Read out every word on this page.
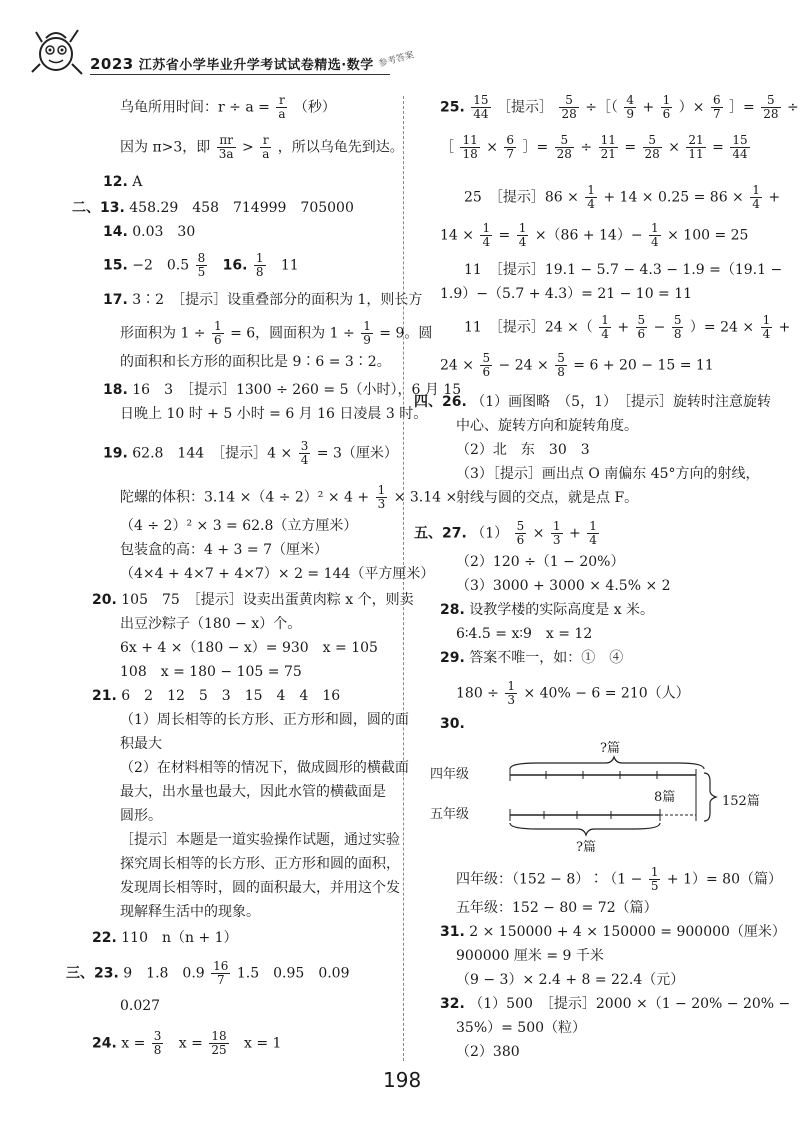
2023 江苏省小学毕业升学考试试卷精选·数学 参考答案
乌龟所用时间：$r \div a = \frac{r}{a}$ （秒）
因为 π>3，即 $\frac{\pi r}{3a} > \frac{r}{a}$ ，所以乌龟先到达。
12. A
二、13. 458.29　458　714999　705000
14. 0.03　30
15. −2　$0.5 \frac{8}{5} 16$. $\frac{1}{8} 11$
17. 3∶2　［提示］设重叠部分的面积为 1，则长方
形面积为 $1 \div \frac{1}{6} = 6$，圆面积为 $1 \div \frac{1}{9} = 9$。圆
的面积和长方形的面积比是 9∶6 = 3∶2。
18. 16　3　［提示］1300 ÷ 260 = 5（小时），6 月 15
日晚上 10 时 + 5 小时 = 6 月 16 日凌晨 3 时。
19. 62.8　144　［提示］4 × $\frac{3}{4} = 3$（厘米）
陀螺的体积：$3.14 \times(4 \div 2)^2 \times 4 + \frac{1}{3} \times 3.14$ ×
（4 ÷ 2）² × 3 = 62.8（立方厘米）
包装盒的高：4 + 3 = 7（厘米）
（4×4 + 4×7 + 4×7）× 2 = 144（平方厘米）
20. 105　75　［提示］设卖出蛋黄肉粽 x 个，则卖
出豆沙粽子（180 − x）个。
6x + 4 ×（180 − x）= 930　x = 105
108　x = 180 − 105 = 75
21. 6　2　12　5　3　15　4　4　16
（1）周长相等的长方形、正方形和圆，圆的面
积最大
（2）在材料相等的情况下，做成圆形的横截面
最大，出水量也最大，因此水管的横截面是
圆形。
［提示］本题是一道实验操作试题，通过实验
探究周长相等的长方形、正方形和圆的面积，
发现周长相等时，圆的面积最大，并用这个发
现解释生活中的现象。
22. 110　n（n + 1）
三、23. 9　1.8　$0.9 \frac{16}{7} 1.5$　0.95　0.09
0.027
24. $x = \frac{3}{8}$ $x = \frac{18}{25}$ x = 1
25. $\frac{15}{44}$ ［提示］ $\frac{5}{28}$ ÷［（ $\frac{4}{9} + \frac{1}{6}$ ）× $\frac{6}{7}$ ］= $\frac{5}{28}$ ÷
［ $\frac{11}{18} \times \frac{6}{7}$ ］= $\frac{5}{28} \div \frac{11}{21} = \frac{5}{28} \times \frac{21}{11} = \frac{15}{44}$
25　［提示］86 × $\frac{1}{4} + 14 \times 0.25 = 86 \times \frac{1}{4}$ +
$14 \times \frac{1}{4} = \frac{1}{4} \times(86 + 14)- \frac{1}{4} \times 100 = 25$
11　［提示］19.1 − 5.7 − 4.3 − 1.9 =（19.1 −
1.9）−（5.7 + 4.3）= 21 − 10 = 11
11　［提示］24 ×（ $\frac{1}{4} + \frac{5}{6} - \frac{5}{8}$ ）= $24 \times \frac{1}{4}$ +
$24 \times \frac{5}{6} - 24 \times \frac{5}{8} = 6 + 20 - 15 = 11$
四、26. （1）画图略　（5，1）　［提示］旋转时注意旋转
中心、旋转方向和旋转角度。
（2）北　东　30　3
（3）［提示］画出点 O 南偏东 45°方向的射线，
射线与圆的交点，就是点 F。
五、27. $(1) \frac{5}{6} \times \frac{1}{3} + \frac{1}{4}$
（2）120 ÷（1 − 20%）
（3）3000 + 3000 × 4.5% × 2
28. 设教学楼的实际高度是 x 米。
6∶4.5 = x∶9　x = 12
29. 答案不唯一，如：①　④
$180 \div \frac{1}{3} \times 40\% - 6 = 210$（人）
30.
?篇
四年级
五年级
8篇	152篇
?篇
四年级：（152 − 8）∶（1 − $\frac{1}{5} + 1)= 80$（篇）
五年级：152 − 80 = 72（篇）
31. 2 × 150000 + 4 × 150000 = 900000（厘米）
900000 厘米 = 9 千米
（9 − 3）× 2.4 + 8 = 22.4（元）
32. （1）500　［提示］2000 ×（1 − 20% − 20% −
35%）= 500（粒）
（2）380
198
